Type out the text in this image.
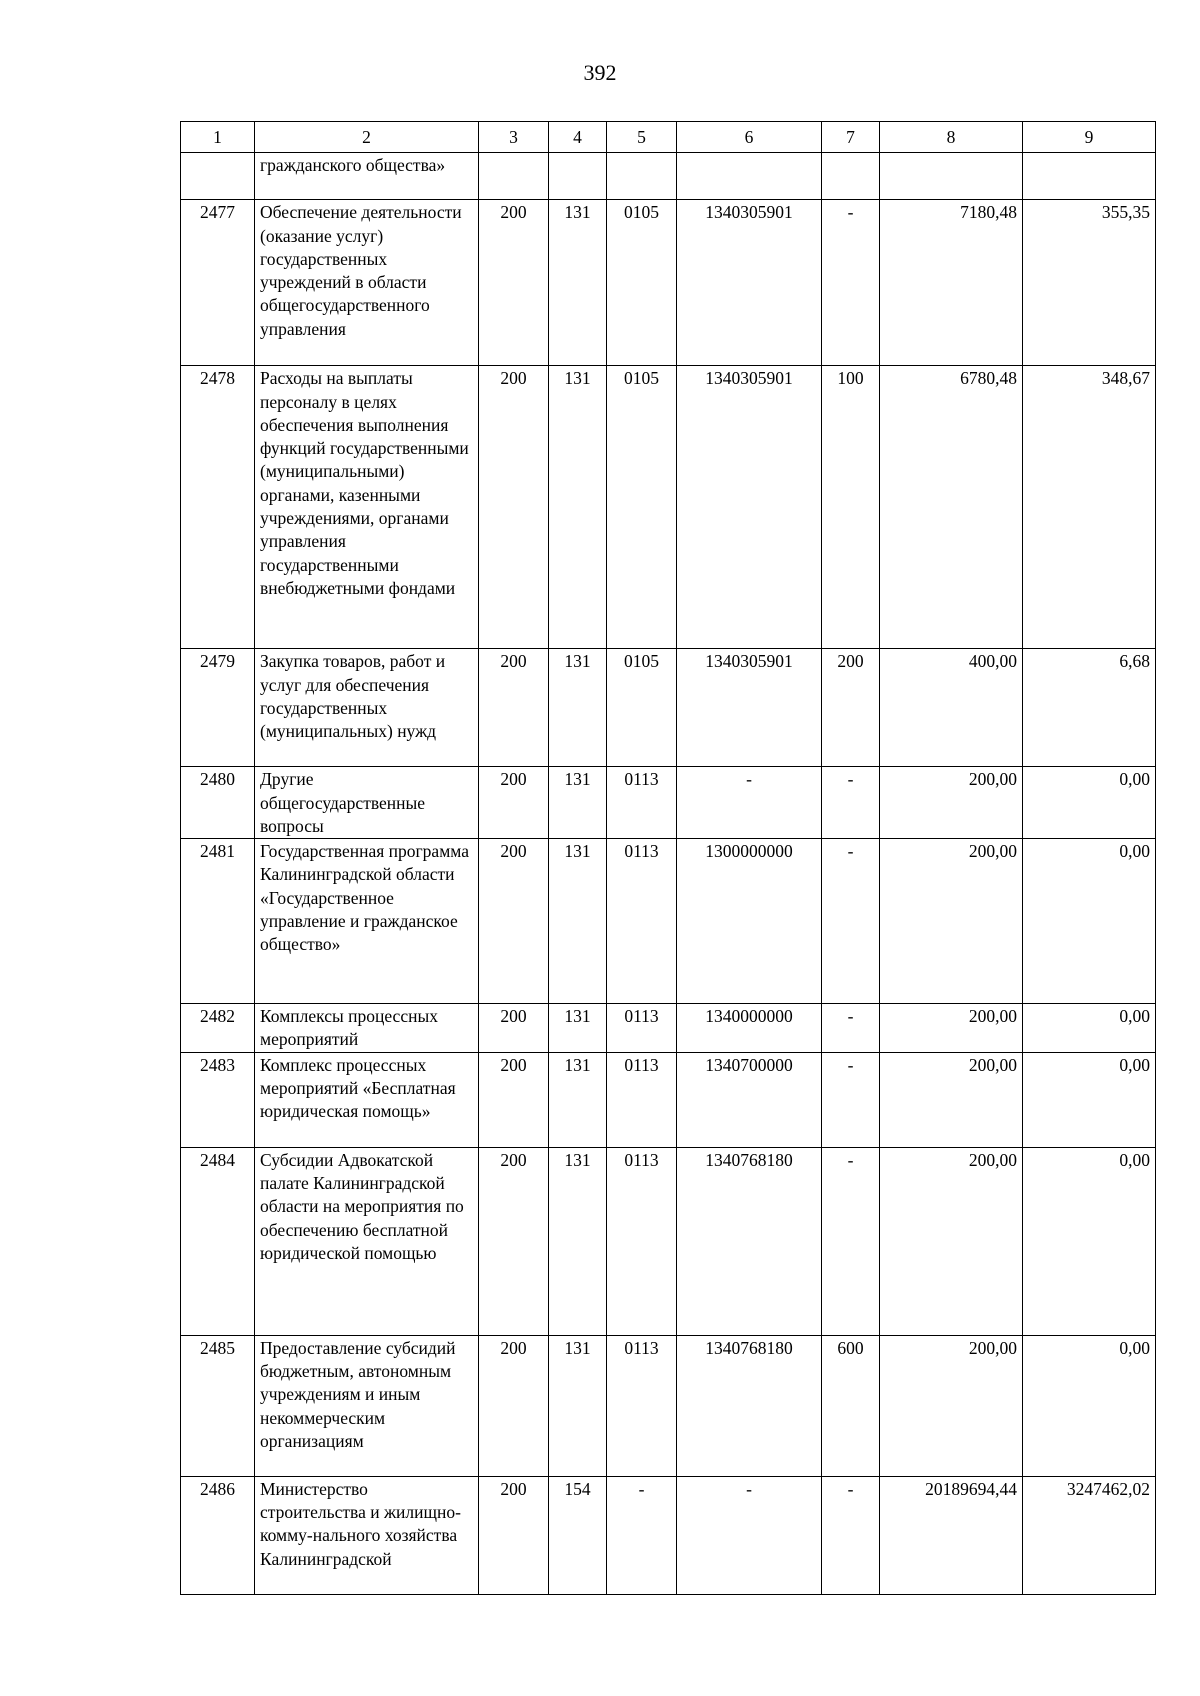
392
1	2	3	4	5	6	7	8	9
	гражданского общества»							
2477	Обеспечение деятельности (оказание услуг) государственных учреждений в области общегосударственного управления	200	131	0105	1340305901	-	7180,48	355,35
2478	Расходы на выплаты персоналу в целях обеспечения выполнения функций государственными (муниципальными) органами, казенными учреждениями, органами управления государственными внебюджетными фондами	200	131	0105	1340305901	100	6780,48	348,67
2479	Закупка товаров, работ и услуг для обеспечения государственных (муниципальных) нужд	200	131	0105	1340305901	200	400,00	6,68
2480	Другие общегосударственные вопросы	200	131	0113	-	-	200,00	0,00
2481	Государственная программа Калининградской области «Государственное управление и гражданское общество»	200	131	0113	1300000000	-	200,00	0,00
2482	Комплексы процессных мероприятий	200	131	0113	1340000000	-	200,00	0,00
2483	Комплекс процессных мероприятий «Бесплатная юридическая помощь»	200	131	0113	1340700000	-	200,00	0,00
2484	Субсидии Адвокатской палате Калининградской области на мероприятия по обеспечению бесплатной юридической помощью	200	131	0113	1340768180	-	200,00	0,00
2485	Предоставление субсидий бюджетным, автономным учреждениям и иным некоммерческим организациям	200	131	0113	1340768180	600	200,00	0,00
2486	Министерство строительства и жилищно-комму-нального хозяйства Калининградской	200	154	-	-	-	20189694,44	3247462,02
